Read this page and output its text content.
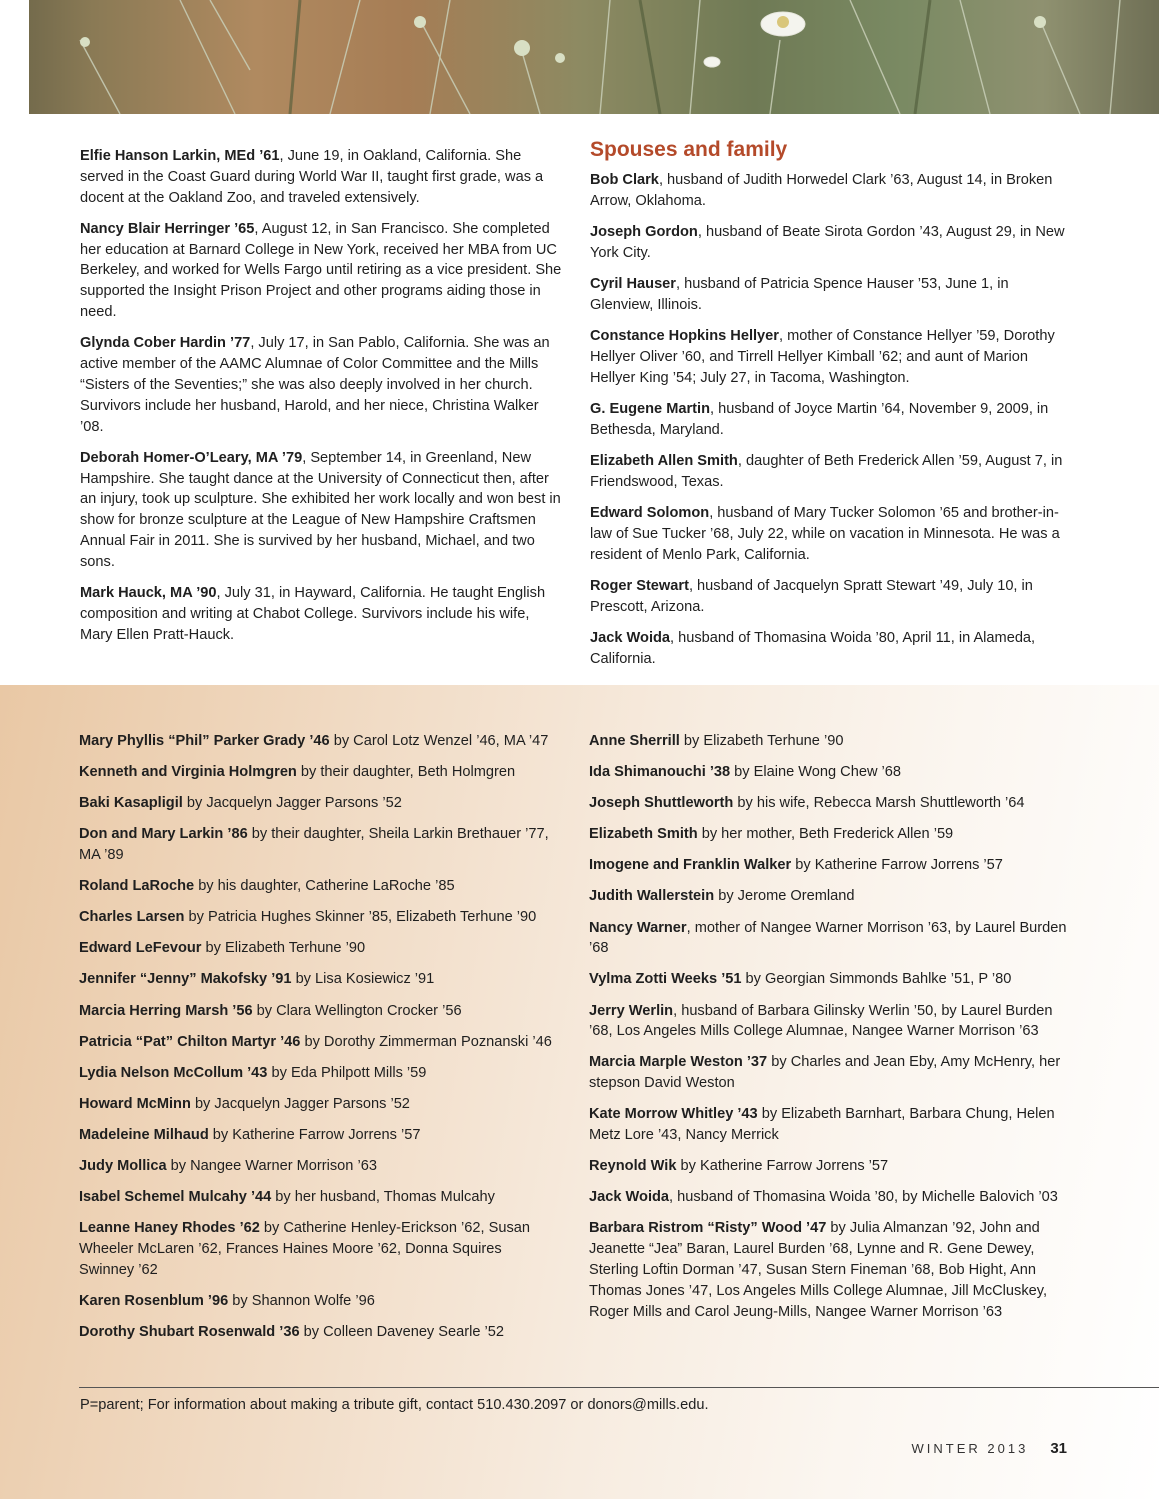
Elfie Hanson Larkin, MEd ’61, June 19, in Oakland, California. She served in the Coast Guard during World War II, taught first grade, was a docent at the Oakland Zoo, and traveled extensively.

Nancy Blair Herringer ’65, August 12, in San Francisco. She completed her education at Barnard College in New York, received her MBA from UC Berkeley, and worked for Wells Fargo until retiring as a vice president. She supported the Insight Prison Project and other programs aiding those in need.

Glynda Cober Hardin ’77, July 17, in San Pablo, California. She was an active member of the AAMC Alumnae of Color Committee and the Mills “Sisters of the Seventies;” she was also deeply involved in her church. Survivors include her husband, Harold, and her niece, Christina Walker ’08.

Deborah Homer-O’Leary, MA ’79, September 14, in Greenland, New Hampshire. She taught dance at the University of Connecticut then, after an injury, took up sculpture. She exhibited her work locally and won best in show for bronze sculpture at the League of New Hampshire Craftsmen Annual Fair in 2011. She is survived by her husband, Michael, and two sons.

Mark Hauck, MA ’90, July 31, in Hayward, California. He taught English composition and writing at Chabot College. Survivors include his wife, Mary Ellen Pratt-Hauck.

Spouses and family

Bob Clark, husband of Judith Horwedel Clark ’63, August 14, in Broken Arrow, Oklahoma.

Joseph Gordon, husband of Beate Sirota Gordon ’43, August 29, in New York City.

Cyril Hauser, husband of Patricia Spence Hauser ’53, June 1, in Glenview, Illinois.

Constance Hopkins Hellyer, mother of Constance Hellyer ’59, Dorothy Hellyer Oliver ’60, and Tirrell Hellyer Kimball ’62; and aunt of Marion Hellyer King ’54; July 27, in Tacoma, Washington.

G. Eugene Martin, husband of Joyce Martin ’64, November 9, 2009, in Bethesda, Maryland.

Elizabeth Allen Smith, daughter of Beth Frederick Allen ’59, August 7, in Friendswood, Texas.

Edward Solomon, husband of Mary Tucker Solomon ’65 and brother-in-law of Sue Tucker ’68, July 22, while on vacation in Minnesota. He was a resident of Menlo Park, California.

Roger Stewart, husband of Jacquelyn Spratt Stewart ’49, July 10, in Prescott, Arizona.

Jack Woida, husband of Thomasina Woida ’80, April 11, in Alameda, California.

Mary Phyllis “Phil” Parker Grady ’46 by Carol Lotz Wenzel ’46, MA ’47

Kenneth and Virginia Holmgren by their daughter, Beth Holmgren

Baki Kasapligil by Jacquelyn Jagger Parsons ’52

Don and Mary Larkin ’86 by their daughter, Sheila Larkin Brethauer ’77, MA ’89

Roland LaRoche by his daughter, Catherine LaRoche ’85

Charles Larsen by Patricia Hughes Skinner ’85, Elizabeth Terhune ’90

Edward LeFevour by Elizabeth Terhune ’90

Jennifer “Jenny” Makofsky ’91 by Lisa Kosiewicz ’91

Marcia Herring Marsh ’56 by Clara Wellington Crocker ’56

Patricia “Pat” Chilton Martyr ’46 by Dorothy Zimmerman Poznanski ’46

Lydia Nelson McCollum ’43 by Eda Philpott Mills ’59

Howard McMinn by Jacquelyn Jagger Parsons ’52

Madeleine Milhaud by Katherine Farrow Jorrens ’57

Judy Mollica by Nangee Warner Morrison ’63

Isabel Schemel Mulcahy ’44 by her husband, Thomas Mulcahy

Leanne Haney Rhodes ’62 by Catherine Henley-Erickson ’62, Susan Wheeler McLaren ’62, Frances Haines Moore ’62, Donna Squires Swinney ’62

Karen Rosenblum ’96 by Shannon Wolfe ’96

Dorothy Shubart Rosenwald ’36 by Colleen Daveney Searle ’52

Anne Sherrill by Elizabeth Terhune ’90

Ida Shimanouchi ’38 by Elaine Wong Chew ’68

Joseph Shuttleworth by his wife, Rebecca Marsh Shuttleworth ’64

Elizabeth Smith by her mother, Beth Frederick Allen ’59

Imogene and Franklin Walker by Katherine Farrow Jorrens ’57

Judith Wallerstein by Jerome Oremland

Nancy Warner, mother of Nangee Warner Morrison ’63, by Laurel Burden ’68

Vylma Zotti Weeks ’51 by Georgian Simmonds Bahlke ’51, P ’80

Jerry Werlin, husband of Barbara Gilinsky Werlin ’50, by Laurel Burden ’68, Los Angeles Mills College Alumnae, Nangee Warner Morrison ’63

Marcia Marple Weston ’37 by Charles and Jean Eby, Amy McHenry, her stepson David Weston

Kate Morrow Whitley ’43 by Elizabeth Barnhart, Barbara Chung, Helen Metz Lore ’43, Nancy Merrick

Reynold Wik by Katherine Farrow Jorrens ’57

Jack Woida, husband of Thomasina Woida ’80, by Michelle Balovich ’03

Barbara Ristrom “Risty” Wood ’47 by Julia Almanzan ’92, John and Jeanette “Jea” Baran, Laurel Burden ’68, Lynne and R. Gene Dewey, Sterling Loftin Dorman ’47, Susan Stern Fineman ’68, Bob Hight, Ann Thomas Jones ’47, Los Angeles Mills College Alumnae, Jill McCluskey, Roger Mills and Carol Jeung-Mills, Nangee Warner Morrison ’63

P=parent; For information about making a tribute gift, contact 510.430.2097 or donors@mills.edu.
WINTER 2013 31
